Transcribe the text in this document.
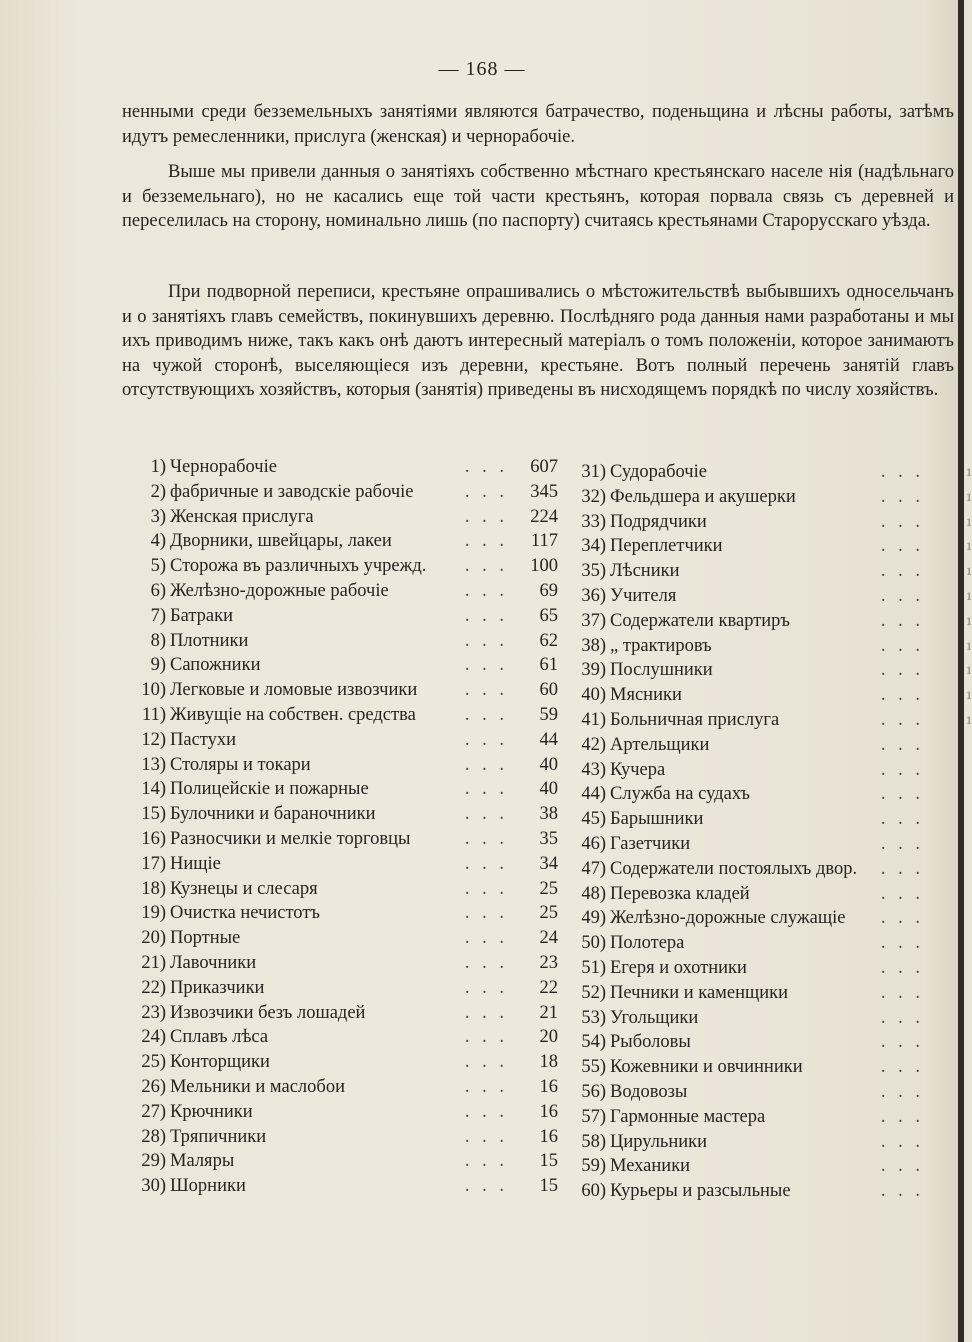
— 168 —

ненными среди безземельныхъ занятіями являются батрачество, поденьщина и лѣсны работы, затѣмъ идутъ ремесленники, прислуга (женская) и чернорабочіе.

Выше мы привели данныя о занятіяхъ собственно мѣстнаго крестьянскаго населе нія (надѣльнаго и безземельнаго), но не касались еще той части крестьянъ, которая порвала связь съ деревней и переселилась на сторону, номинально лишь (по паспорту) считаясь крестьянами Старорусскаго уѣзда.

При подворной переписи, крестьяне опрашивались о мѣстожительствѣ выбывшихъ односельчанъ и о занятіяхъ главъ семействъ, покинувшихъ деревню. Послѣдняго рода данныя нами разработаны и мы ихъ приводимъ ниже, такъ какъ онѣ даютъ интересный матеріалъ о томъ положеніи, которое занимаютъ на чужой сторонѣ, выселяющіеся изъ деревни, крестьяне. Вотъ полный перечень занятій главъ отсутствующихъ хозяйствъ, которыя (занятія) приведены въ нисходящемъ порядкѣ по числу хозяйствъ.

1) Чернорабочіе	. . .	607
2) фабричные и заводскіе рабочіе	. . .	345
3) Женская прислуга	. . .	224
4) Дворники, швейцары, лакеи	. . .	117
5) Сторожа въ различныхъ учрежд. . . .	100
6) Желѣзно-дорожные рабочіе	. . .	69
7) Батраки	. . .	65
8) Плотники	. . .	62
9) Сапожники	. . .	61
10) Легковые и ломовые извозчики	. . .	60
11) Живущіе на собствен. средства	. . .	59
12) Пастухи	. . .	44
13) Столяры и токари	. . .	40
14) Полицейскіе и пожарные	. . .	40
15) Булочники и бараночники	. . .	38
16) Разносчики и мелкіе торговцы	. . .	35
17) Нищіе	. . .	34
18) Кузнецы и слесаря	. . .	25
19) Очистка нечистотъ	. . .	25
20) Портные	. . .	24
21) Лавочники	. . .	23
22) Приказчики	. . .	22
23) Извозчики безъ лошадей	. . .	21
24) Сплавъ лѣса	. . .	20
25) Конторщики	. . .	18
26) Мельники и маслобои	. . .	16
27) Крючники	. . .	16
28) Тряпичники	. . .	16
29) Маляры	. . .	15
30) Шорники	. . .	15
31) Судорабочіе	. . .	1
32) Фельдшера и акушерки	. . .	1
33) Подрядчики	. . .	1
34) Переплетчики	. . .	1
35) Лѣсники	. . .	1
36) Учителя	. . .	1
37) Содержатели квартиръ	. . .	1
38) „ трактировъ	. . .	1
39) Послушники	. . .	1
40) Мясники	. . .	1
41) Больничная прислуга	. . .	1
42) Артельщики	. . .
43) Кучера	. . .
44) Служба на судахъ	. . .
45) Барышники	. . .
46) Газетчики	. . .
47) Содержатели постоялыхъ двор. . . .
48) Перевозка кладей	. . .
49) Желѣзно-дорожные служащіе . . .
50) Полотера	. . .
51) Егеря и охотники	. . .
52) Печники и каменщики	. . .
53) Угольщики	. . .
54) Рыболовы	. . .
55) Кожевники и овчинники	. . .
56) Водовозы	. . .
57) Гармонные мастера	. . .
58) Цирульники	. . .
59) Механики	. . .
60) Курьеры и разсыльные	. . .
